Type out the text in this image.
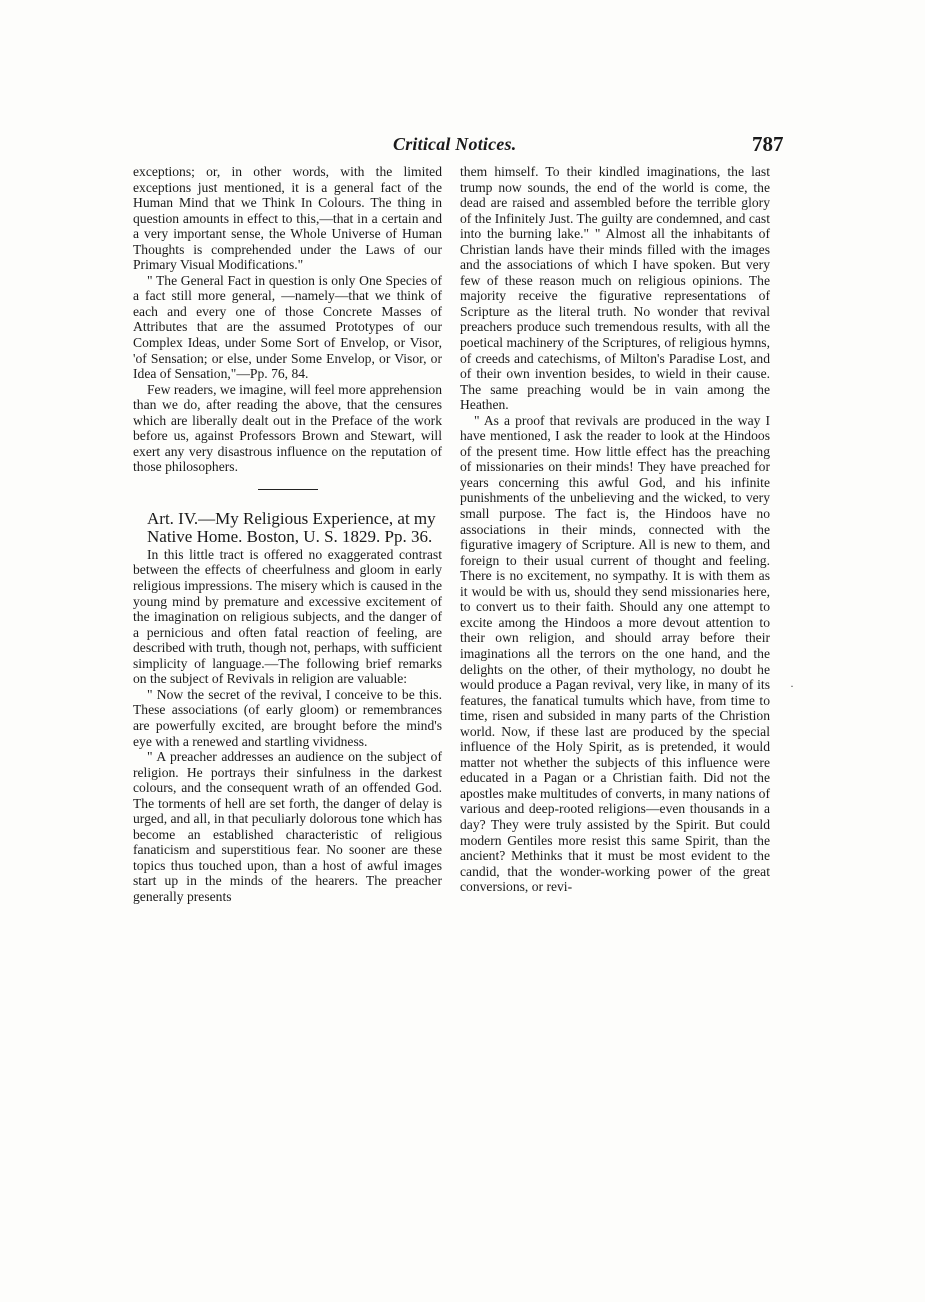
Critical Notices.	787

exceptions; or, in other words, with the limited exceptions just mentioned, it is a general fact of the Human Mind that we Think In Colours. The thing in question amounts in effect to this,—that in a certain and a very important sense, the Whole Universe of Human Thoughts is comprehended under the Laws of our Primary Visual Modifications."

" The General Fact in question is only One Species of a fact still more general, —namely—that we think of each and every one of those Concrete Masses of Attributes that are the assumed Prototypes of our Complex Ideas, under Some Sort of Envelop, or Visor, 'of Sensation; or else, under Some Envelop, or Visor, or Idea of Sensation,"—Pp. 76, 84.

Few readers, we imagine, will feel more apprehension than we do, after reading the above, that the censures which are liberally dealt out in the Preface of the work before us, against Professors Brown and Stewart, will exert any very disastrous influence on the reputation of those philosophers.

Art. IV.—My Religious Experience, at my Native Home. Boston, U. S. 1829. Pp. 36.

In this little tract is offered no exaggerated contrast between the effects of cheerfulness and gloom in early religious impressions. The misery which is caused in the young mind by premature and excessive excitement of the imagination on religious subjects, and the danger of a pernicious and often fatal reaction of feeling, are described with truth, though not, perhaps, with sufficient simplicity of language.—The following brief remarks on the subject of Revivals in religion are valuable:

" Now the secret of the revival, I conceive to be this. These associations (of early gloom) or remembrances are powerfully excited, are brought before the mind's eye with a renewed and startling vividness.

" A preacher addresses an audience on the subject of religion. He portrays their sinfulness in the darkest colours, and the consequent wrath of an offended God. The torments of hell are set forth, the danger of delay is urged, and all, in that peculiarly dolorous tone which has become an established characteristic of religious fanaticism and superstitious fear. No sooner are these topics thus touched upon, than a host of awful images start up in the minds of the hearers. The preacher generally presents

them himself. To their kindled imaginations, the last trump now sounds, the end of the world is come, the dead are raised and assembled before the terrible glory of the Infinitely Just. The guilty are condemned, and cast into the burning lake." " Almost all the inhabitants of Christian lands have their minds filled with the images and the associations of which I have spoken. But very few of these reason much on religious opinions. The majority receive the figurative representations of Scripture as the literal truth. No wonder that revival preachers produce such tremendous results, with all the poetical machinery of the Scriptures, of religious hymns, of creeds and catechisms, of Milton's Paradise Lost, and of their own invention besides, to wield in their cause. The same preaching would be in vain among the Heathen.

" As a proof that revivals are produced in the way I have mentioned, I ask the reader to look at the Hindoos of the present time. How little effect has the preaching of missionaries on their minds! They have preached for years concerning this awful God, and his infinite punishments of the unbelieving and the wicked, to very small purpose. The fact is, the Hindoos have no associations in their minds, connected with the figurative imagery of Scripture. All is new to them, and foreign to their usual current of thought and feeling. There is no excitement, no sympathy. It is with them as it would be with us, should they send missionaries here, to convert us to their faith. Should any one attempt to excite among the Hindoos a more devout attention to their own religion, and should array before their imaginations all the terrors on the one hand, and the delights on the other, of their mythology, no doubt he would produce a Pagan revival, very like, in many of its features, the fanatical tumults which have, from time to time, risen and subsided in many parts of the Christion world. Now, if these last are produced by the special influence of the Holy Spirit, as is pretended, it would matter not whether the subjects of this influence were educated in a Pagan or a Christian faith. Did not the apostles make multitudes of converts, in many nations of various and deep-rooted religions—even thousands in a day? They were truly assisted by the Spirit. But could modern Gentiles more resist this same Spirit, than the ancient? Methinks that it must be most evident to the candid, that the wonder-working power of the great conversions, or revi-

·
